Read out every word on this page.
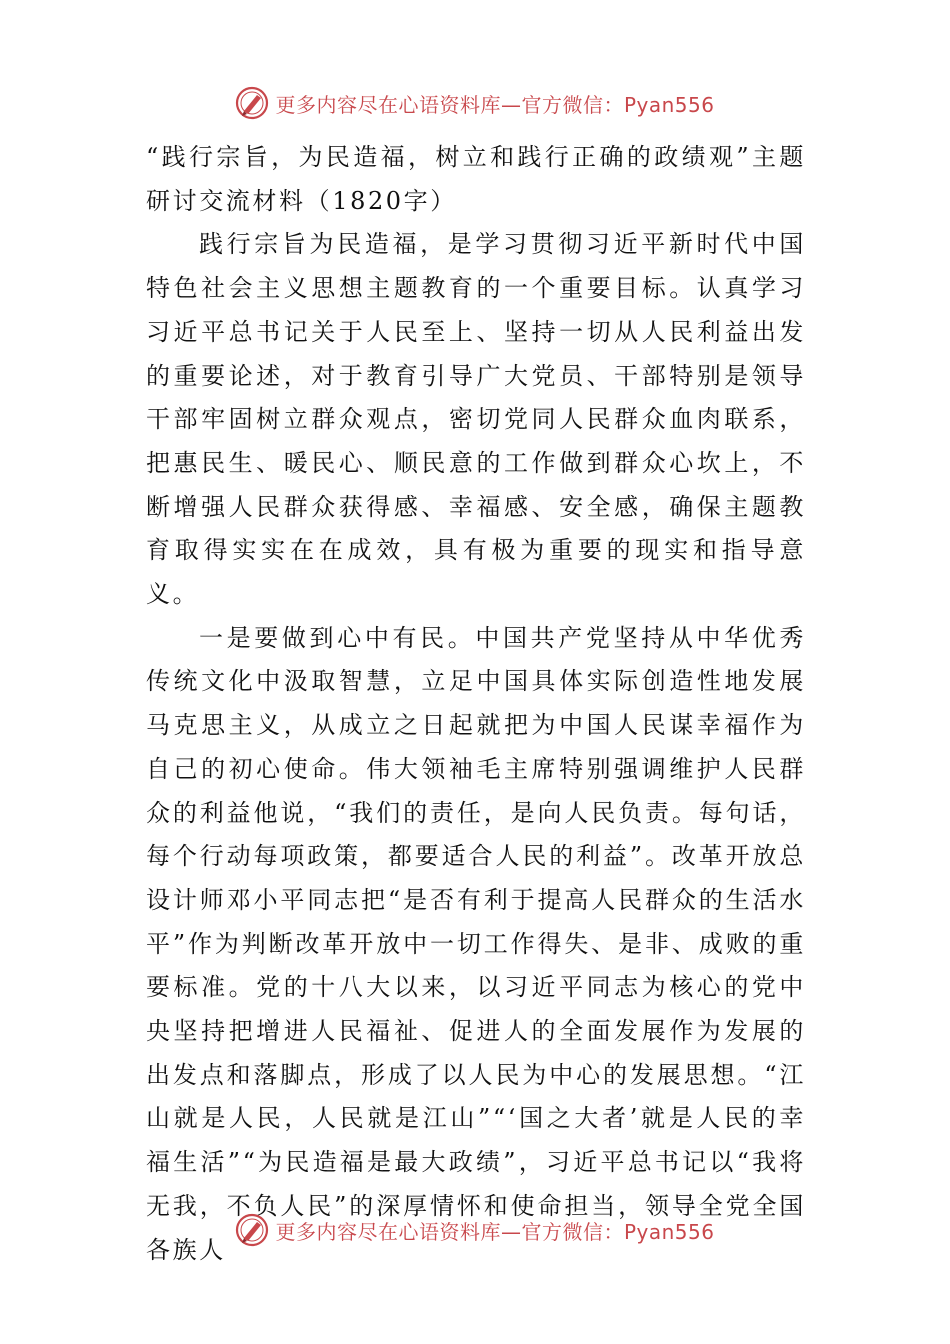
更多内容尽在心语资料库—官方微信：Pyan556

“践行宗旨，为民造福，树立和践行正确的政绩观”主题研讨交流材料（1820字）

践行宗旨为民造福，是学习贯彻习近平新时代中国特色社会主义思想主题教育的一个重要目标。认真学习习近平总书记关于人民至上、坚持一切从人民利益出发的重要论述，对于教育引导广大党员、干部特别是领导干部牢固树立群众观点，密切党同人民群众血肉联系，把惠民生、暖民心、顺民意的工作做到群众心坎上，不断增强人民群众获得感、幸福感、安全感，确保主题教育取得实实在在成效，具有极为重要的现实和指导意义。

一是要做到心中有民。中国共产党坚持从中华优秀传统文化中汲取智慧，立足中国具体实际创造性地发展马克思主义，从成立之日起就把为中国人民谋幸福作为自己的初心使命。伟大领袖毛主席特别强调维护人民群众的利益他说，“我们的责任，是向人民负责。每句话，每个行动每项政策，都要适合人民的利益”。改革开放总设计师邓小平同志把“是否有利于提高人民群众的生活水平”作为判断改革开放中一切工作得失、是非、成败的重要标准。党的十八大以来，以习近平同志为核心的党中央坚持把增进人民福祉、促进人的全面发展作为发展的出发点和落脚点，形成了以人民为中心的发展思想。“江山就是人民，人民就是江山”“‘国之大者’就是人民的幸福生活”“为民造福是最大政绩”，习近平总书记以“我将无我，不负人民”的深厚情怀和使命担当，领导全党全国各族人

更多内容尽在心语资料库—官方微信：Pyan556
